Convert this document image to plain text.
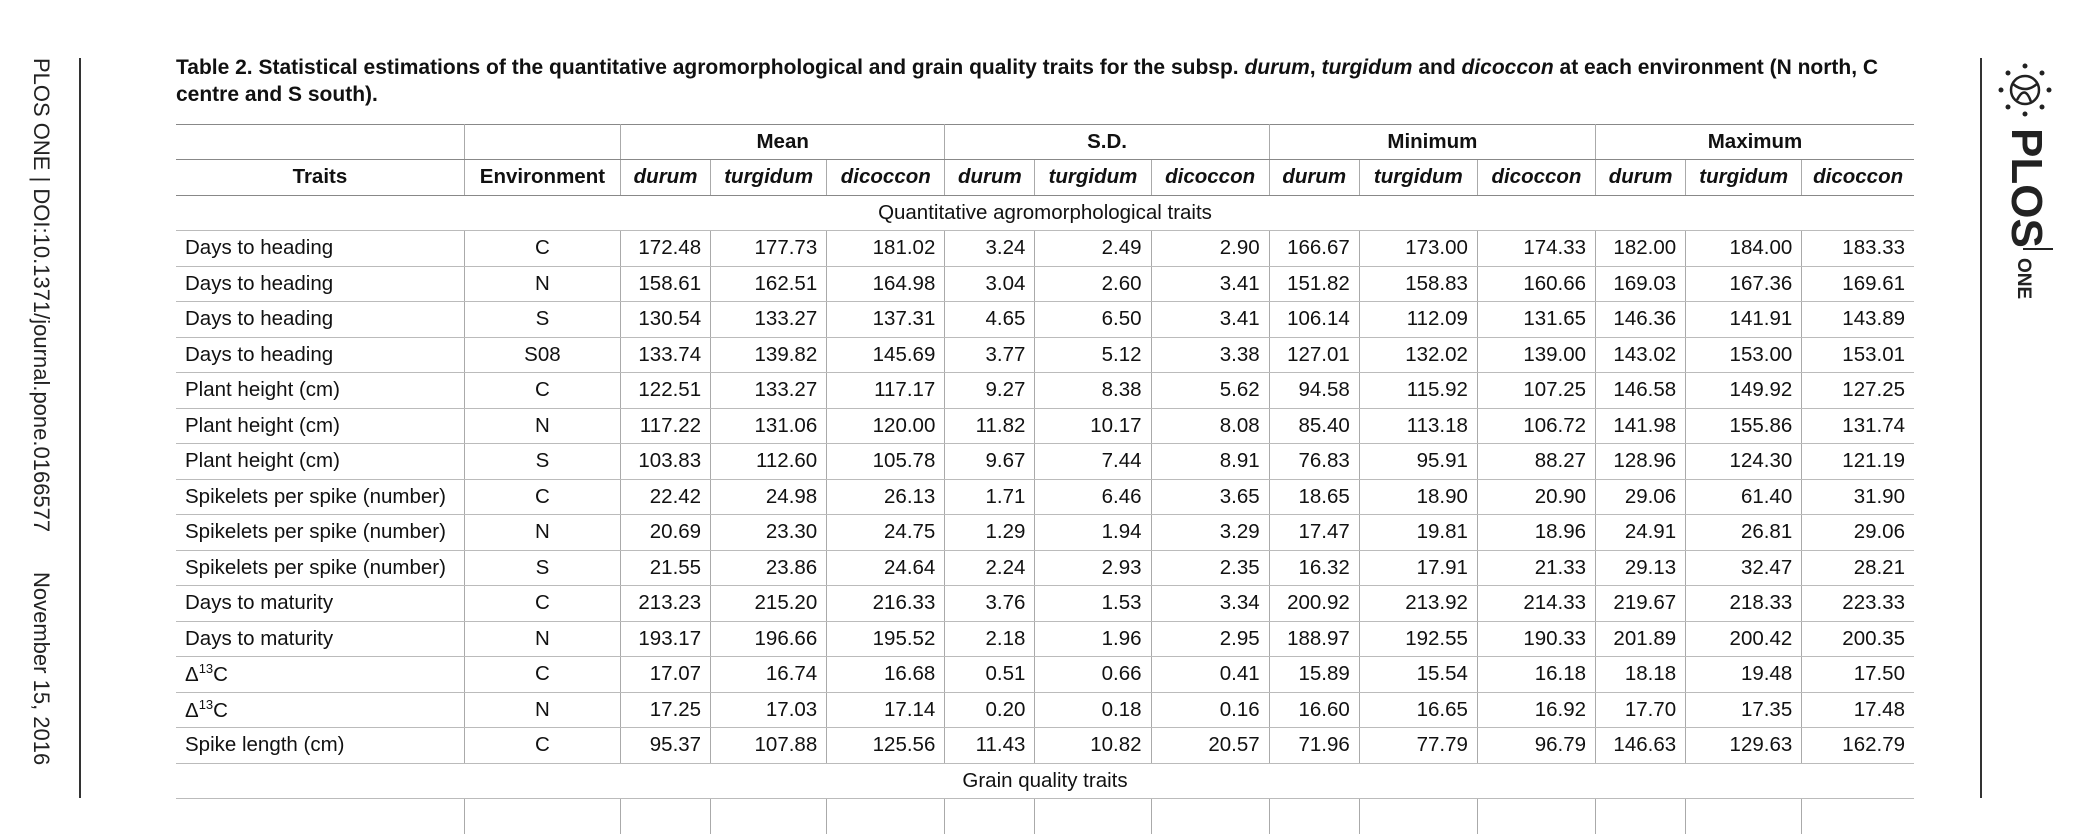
PLOS ONE | DOI:10.1371/journal.pone.0166577November 15, 2016
PLOS
ONE
Table 2. Statistical estimations of the quantitative agromorphological and grain quality traits for the subsp. durum, turgidum and dicoccon at each environment (N north, C centre and S south).
		Mean			S.D.			Minimum			Maximum		
Traits	Environment	durum	turgidum	dicoccon	durum	turgidum	dicoccon	durum	turgidum	dicoccon	durum	turgidum	dicoccon
Quantitative agromorphological traits													
Days to heading	C	172.48	177.73	181.02	3.24	2.49	2.90	166.67	173.00	174.33	182.00	184.00	183.33
Days to heading	N	158.61	162.51	164.98	3.04	2.60	3.41	151.82	158.83	160.66	169.03	167.36	169.61
Days to heading	S	130.54	133.27	137.31	4.65	6.50	3.41	106.14	112.09	131.65	146.36	141.91	143.89
Days to heading	S08	133.74	139.82	145.69	3.77	5.12	3.38	127.01	132.02	139.00	143.02	153.00	153.01
Plant height (cm)	C	122.51	133.27	117.17	9.27	8.38	5.62	94.58	115.92	107.25	146.58	149.92	127.25
Plant height (cm)	N	117.22	131.06	120.00	11.82	10.17	8.08	85.40	113.18	106.72	141.98	155.86	131.74
Plant height (cm)	S	103.83	112.60	105.78	9.67	7.44	8.91	76.83	95.91	88.27	128.96	124.30	121.19
Spikelets per spike (number)	C	22.42	24.98	26.13	1.71	6.46	3.65	18.65	18.90	20.90	29.06	61.40	31.90
Spikelets per spike (number)	N	20.69	23.30	24.75	1.29	1.94	3.29	17.47	19.81	18.96	24.91	26.81	29.06
Spikelets per spike (number)	S	21.55	23.86	24.64	2.24	2.93	2.35	16.32	17.91	21.33	29.13	32.47	28.21
Days to maturity	C	213.23	215.20	216.33	3.76	1.53	3.34	200.92	213.92	214.33	219.67	218.33	223.33
Days to maturity	N	193.17	196.66	195.52	2.18	1.96	2.95	188.97	192.55	190.33	201.89	200.42	200.35
$\Delta^{13}C$	C	17.07	16.74	16.68	0.51	0.66	0.41	15.89	15.54	16.18	18.18	19.48	17.50
$\Delta^{13}C$	N	17.25	17.03	17.14	0.20	0.18	0.16	16.60	16.65	16.92	17.70	17.35	17.48
Spike length (cm)	C	95.37	107.88	125.56	11.43	10.82	20.57	71.96	77.79	96.79	146.63	129.63	162.79
Grain quality traits													
